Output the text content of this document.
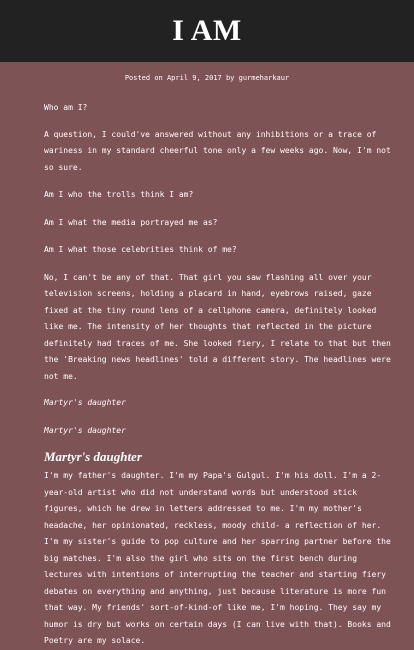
I AM
Posted on April 9, 2017 by gurmeharkaur

Who am I?

A question, I could've answered without any inhibitions or a trace of wariness in my standard cheerful tone only a few weeks ago. Now, I'm not so sure.

Am I who the trolls think I am?

Am I what the media portrayed me as?

Am I what those celebrities think of me?

No, I can't be any of that. That girl you saw flashing all over your television screens, holding a placard in hand, eyebrows raised, gaze fixed at the tiny round lens of a cellphone camera, definitely looked like me. The intensity of her thoughts that reflected in the picture definitely had traces of me. She looked fiery, I relate to that but then the 'Breaking news headlines' told a different story. The headlines were not me.

Martyr's daughter

Martyr's daughter

Martyr's daughter

I'm my father's daughter. I'm my Papa's Gulgul. I'm his doll. I'm a 2-year-old artist who did not understand words but understood stick figures, which he drew in letters addressed to me. I'm my mother's headache, her opinionated, reckless, moody child- a reflection of her. I'm my sister's guide to pop culture and her sparring partner before the big matches. I'm also the girl who sits on the first bench during lectures with intentions of interrupting the teacher and starting fiery debates on everything and anything, just because literature is more fun that way. My friends' sort-of-kind-of like me, I'm hoping. They say my humor is dry but works on certain days (I can live with that). Books and Poetry are my solace.
